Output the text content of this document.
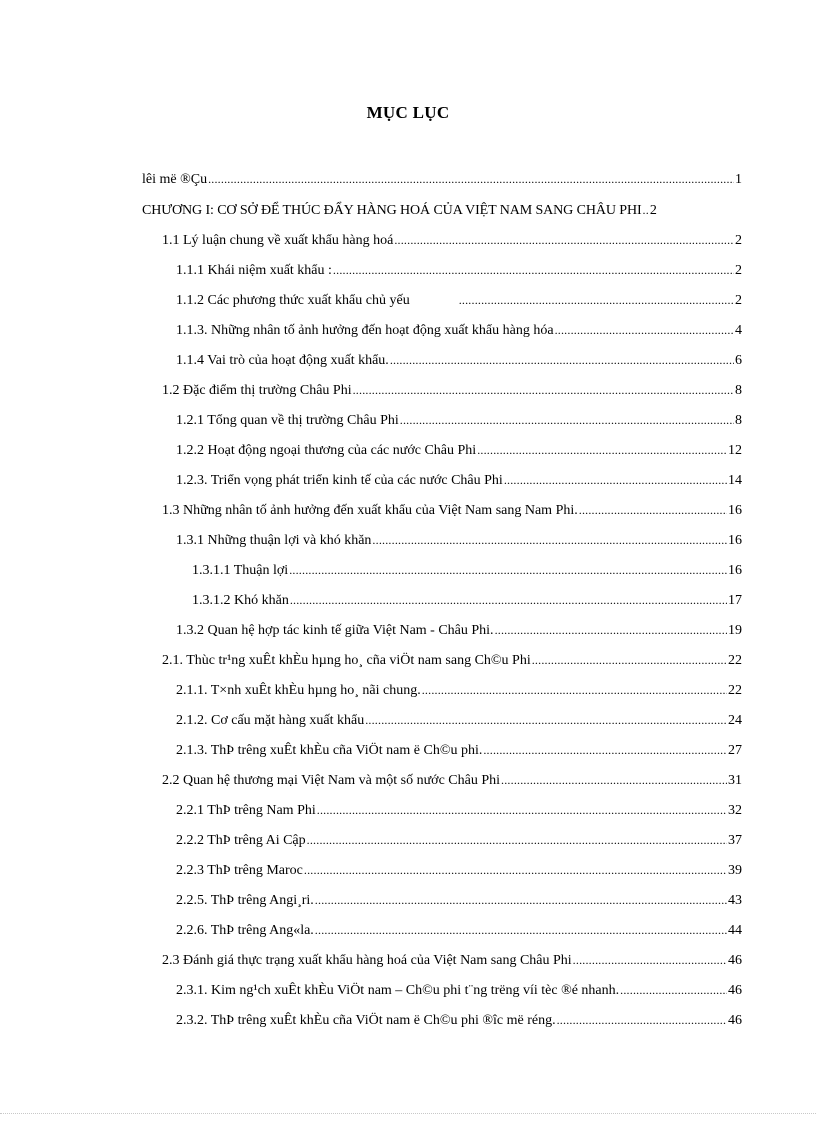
MỤC LỤC
lêi më ®Çu .....	1
CHƯƠNG I: CƠ SỞ ĐỂ THÚC ĐẨY HÀNG HOÁ CỦA VIỆT NAM SANG CHÂU PHI .. 2
1.1 Lý luận chung về xuất khẩu hàng hoá .....	2
1.1.1 Khái niệm xuất khẩu : .....	2
1.1.2 Các phương thức xuất khẩu chủ yếu .....	2
1.1.3. Những nhân tố ảnh hưởng đến hoạt động xuất khẩu hàng hóa .....	4
1.1.4 Vai trò của hoạt động xuất khẩu. .....	6
1.2 Đặc điểm thị trường Châu Phi .....	8
1.2.1 Tổng quan về thị trường Châu Phi .....	8
1.2.2 Hoạt động ngoại thương của các nước Châu Phi .....	12
1.2.3. Triển vọng phát triển kinh tế của các nước Châu Phi .....	14
1.3 Những nhân tố ảnh hưởng đến xuất khẩu của Việt Nam sang Nam Phi. .....	16
1.3.1 Những thuận lợi và khó khăn .....	16
1.3.1.1 Thuận lợi .....	16
1.3.1.2 Khó khăn .....	17
1.3.2 Quan hệ hợp tác kinh tế giữa Việt Nam - Châu Phi. .....	19
2.1. Thùc tr¹ng xuÊt khÈu hµng ho¸ cña viÖt nam sang Ch©u Phi .....	22
2.1.1. T×nh xuÊt khÈu hµng ho¸ nãi chung. .....	22
2.1.2. Cơ cấu mặt hàng xuất khẩu .....	24
2.1.3. ThÞ trêng xuÊt khÈu cña ViÖt nam ë Ch©u phi. .....	27
2.2 Quan hệ thương mại Việt Nam và một số nước Châu Phi .....	31
2.2.1 ThÞ trêng Nam Phi .....	32
2.2.2 ThÞ trêng Ai Cập .....	37
2.2.3 ThÞ trêng Maroc .....	39
2.2.5. ThÞ trêng Angi¸ri. .....	43
2.2.6. ThÞ trêng Ang«la. .....	44
2.3 Đánh giá thực trạng xuất khẩu hàng hoá của Việt Nam sang Châu Phi .....	46
2.3.1. Kim ng¹ch xuÊt khÈu ViÖt nam – Ch©u phi t¨ng trëng víi tèc ®é nhanh. .....	46
2.3.2. ThÞ trêng xuÊt khÈu cña ViÖt nam ë Ch©u phi ®îc më réng. .....	46
